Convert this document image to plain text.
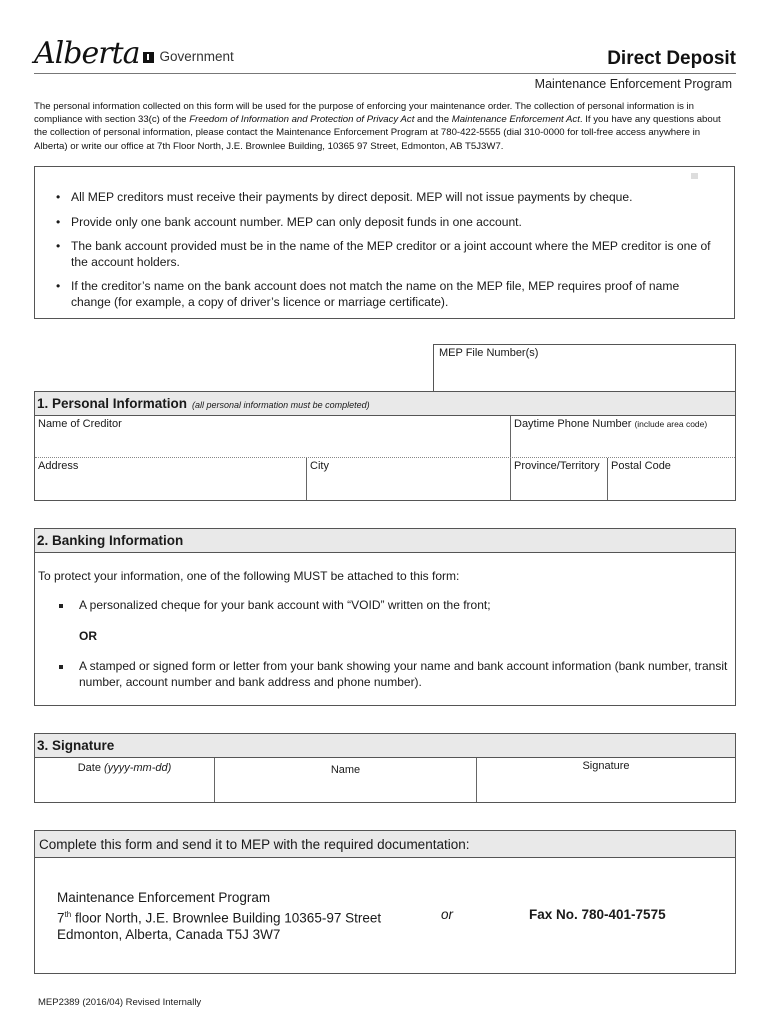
Alberta Government	Direct Deposit
Maintenance Enforcement Program
The personal information collected on this form will be used for the purpose of enforcing your maintenance order. The collection of personal information is in compliance with section 33(c) of the Freedom of Information and Protection of Privacy Act and the Maintenance Enforcement Act. If you have any questions about the collection of personal information, please contact the Maintenance Enforcement Program at 780-422-5555 (dial 310-0000 for toll-free access anywhere in Alberta) or write our office at 7th Floor North, J.E. Brownlee Building, 10365 97 Street, Edmonton, AB T5J3W7.
• All MEP creditors must receive their payments by direct deposit. MEP will not issue payments by cheque.
• Provide only one bank account number. MEP can only deposit funds in one account.
• The bank account provided must be in the name of the MEP creditor or a joint account where the MEP creditor is one of the account holders.
• If the creditor’s name on the bank account does not match the name on the MEP file, MEP requires proof of name change (for example, a copy of driver’s licence or marriage certificate).
MEP File Number(s)
1. Personal Information (all personal information must be completed)
Name of Creditor	Daytime Phone Number (include area code)
Address	City	Province/Territory	Postal Code
2. Banking Information
To protect your information, one of the following MUST be attached to this form:
A personalized cheque for your bank account with “VOID” written on the front;
OR
A stamped or signed form or letter from your bank showing your name and bank account information (bank number, transit number, account number and bank address and phone number).
3. Signature
Date (yyyy-mm-dd)	Name	Signature
Complete this form and send it to MEP with the required documentation:
Maintenance Enforcement Program
7th floor North, J.E. Brownlee Building 10365-97 Street
Edmonton, Alberta, Canada T5J 3W7
or	Fax No. 780-401-7575
MEP2389 (2016/04) Revised Internally
